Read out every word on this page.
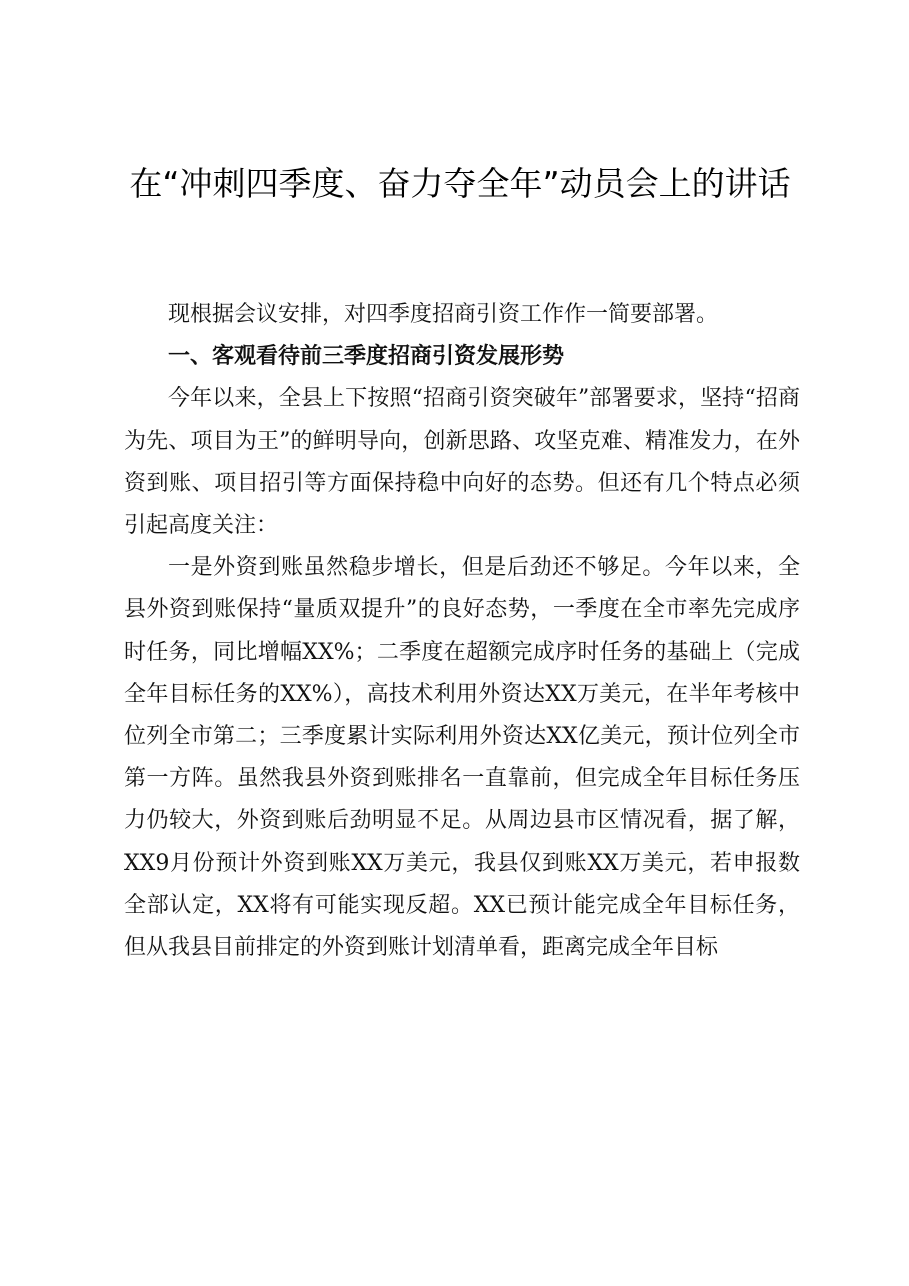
在“冲刺四季度、奋力夺全年”动员会上的讲话

现根据会议安排，对四季度招商引资工作作一简要部署。

一、客观看待前三季度招商引资发展形势

今年以来，全县上下按照“招商引资突破年”部署要求，坚持“招商为先、项目为王”的鲜明导向，创新思路、攻坚克难、精准发力，在外资到账、项目招引等方面保持稳中向好的态势。但还有几个特点必须引起高度关注：

一是外资到账虽然稳步增长，但是后劲还不够足。今年以来，全县外资到账保持“量质双提升”的良好态势，一季度在全市率先完成序时任务，同比增幅XX%；二季度在超额完成序时任务的基础上（完成全年目标任务的XX%），高技术利用外资达XX万美元，在半年考核中位列全市第二；三季度累计实际利用外资达XX亿美元，预计位列全市第一方阵。虽然我县外资到账排名一直靠前，但完成全年目标任务压力仍较大，外资到账后劲明显不足。从周边县市区情况看，据了解，XX9月份预计外资到账XX万美元，我县仅到账XX万美元，若申报数全部认定，XX将有可能实现反超。XX已预计能完成全年目标任务，但从我县目前排定的外资到账计划清单看，距离完成全年目标
